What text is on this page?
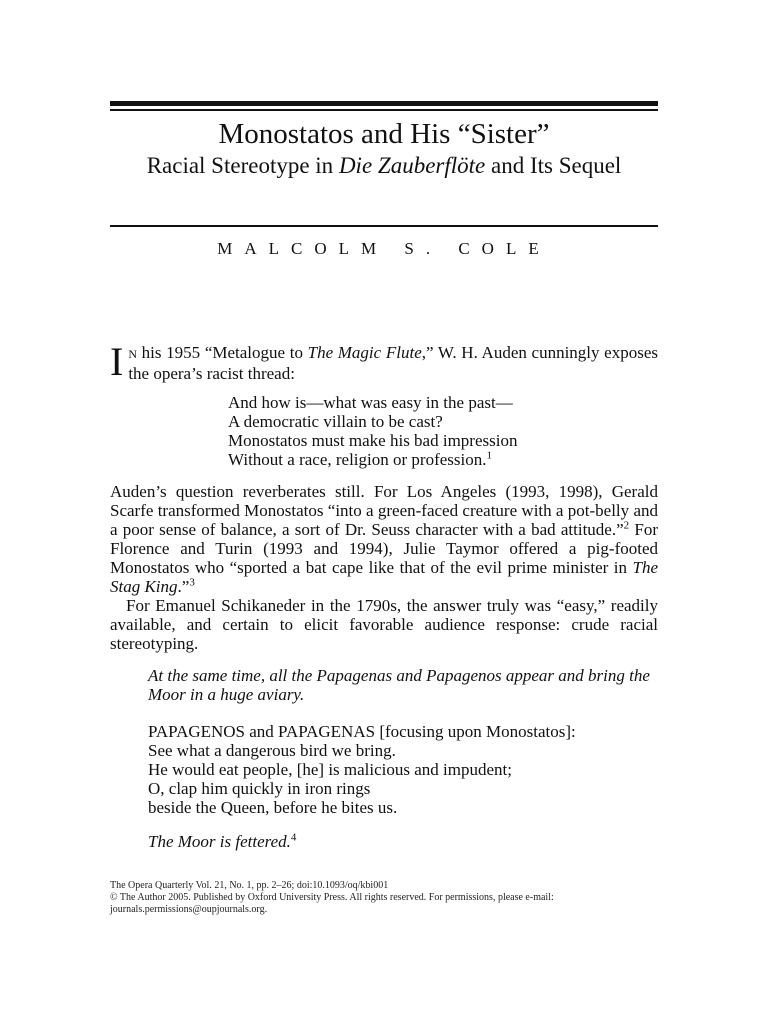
Monostatos and His “Sister”
Racial Stereotype in Die Zauberflöte and Its Sequel
MALCOLM S. COLE

I N his 1955 “Metalogue to The Magic Flute,” W. H. Auden cunningly exposes the opera’s racist thread:

And how is—what was easy in the past—
A democratic villain to be cast?
Monostatos must make his bad impression
Without a race, religion or profession.$^1$

Auden’s question reverberates still. For Los Angeles (1993, 1998), Gerald Scarfe transformed Monostatos “into a green-faced creature with a pot-belly and a poor sense of balance, a sort of Dr. Seuss character with a bad attitude.”$^2$ For Florence and Turin (1993 and 1994), Julie Taymor offered a pig-footed Monostatos who “sported a bat cape like that of the evil prime minister in The Stag King.”$^3$

For Emanuel Schikaneder in the 1790s, the answer truly was “easy,” readily available, and certain to elicit favorable audience response: crude racial stereotyping.

At the same time, all the Papagenas and Papagenos appear and bring the Moor in a huge aviary.
PAPAGENOS and PAPAGENAS [focusing upon Monostatos]:
See what a dangerous bird we bring.
He would eat people, [he] is malicious and impudent;
O, clap him quickly in iron rings
beside the Queen, before he bites us.
The Moor is fettered.$^4$
The Opera Quarterly Vol. 21, No. 1, pp. 2–26; doi:10.1093/oq/kbi001
© The Author 2005. Published by Oxford University Press. All rights reserved. For permissions, please e-mail:
journals.permissions@oupjournals.org.
